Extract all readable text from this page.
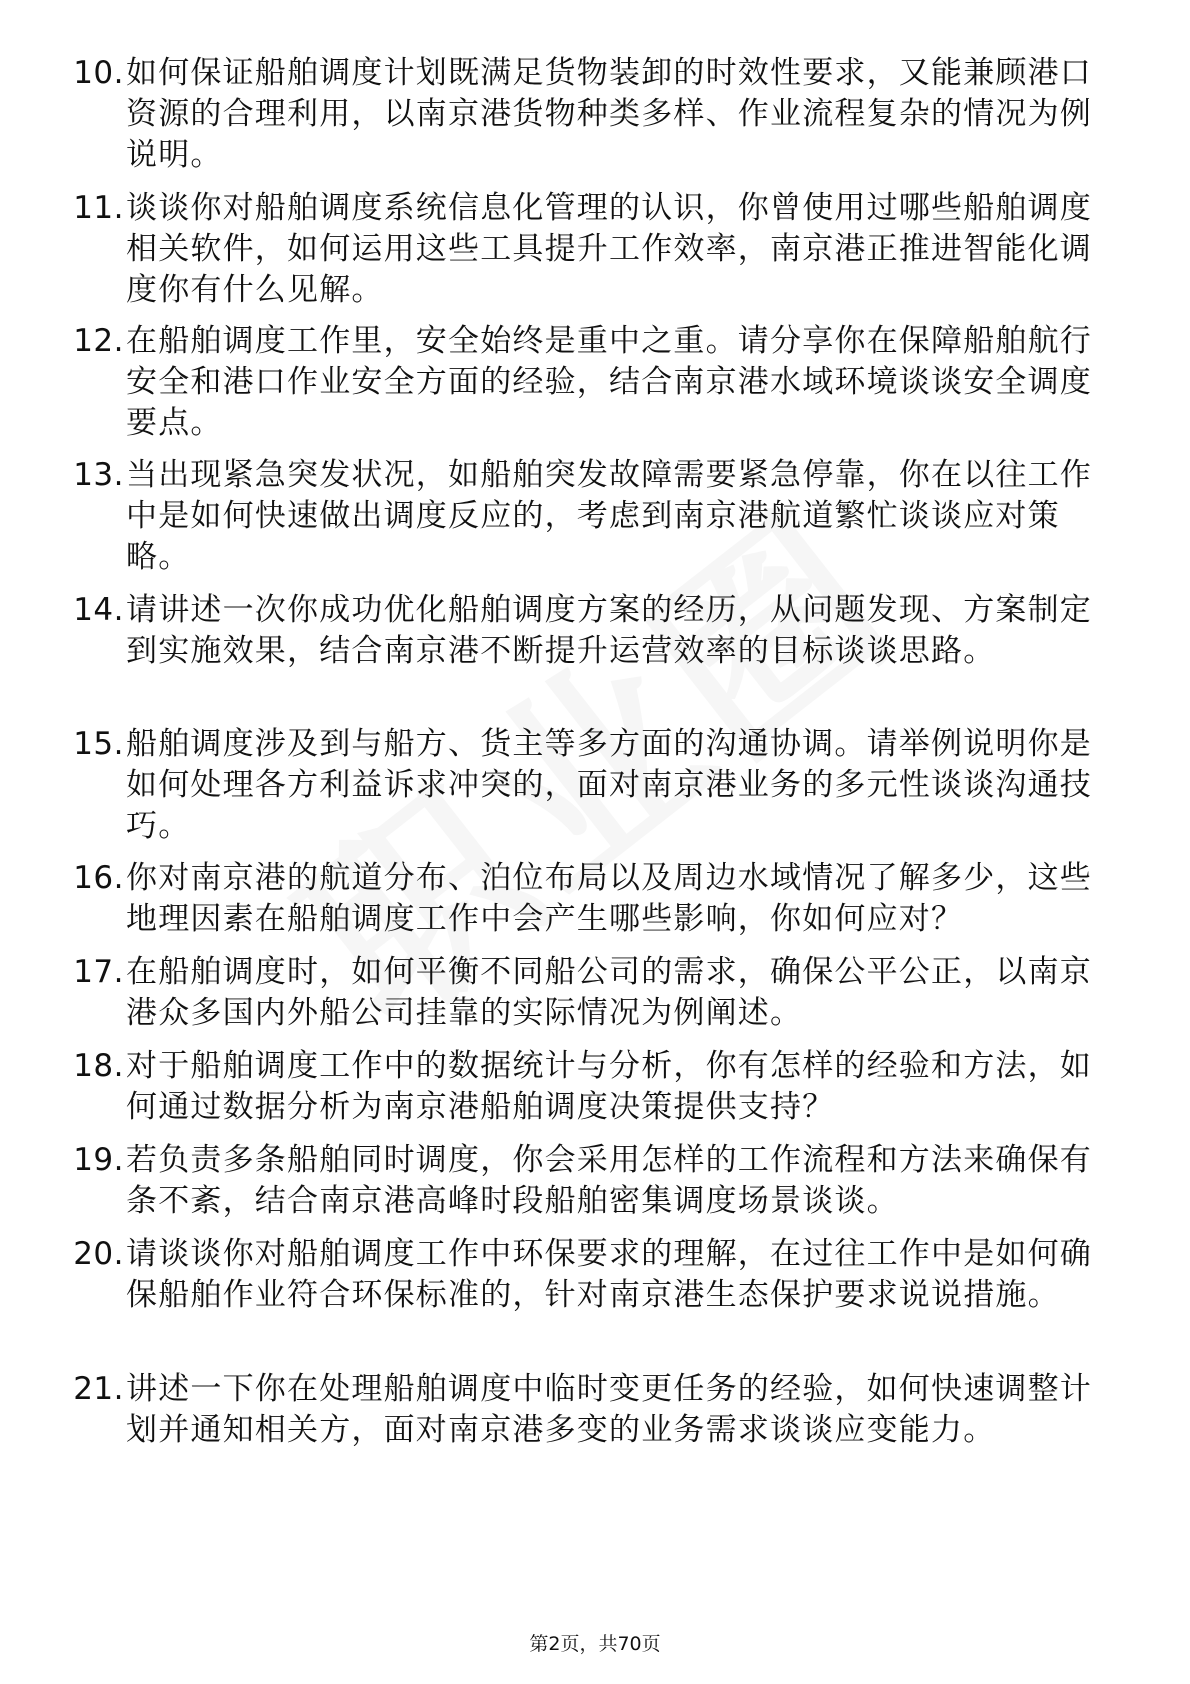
10. 如何保证船舶调度计划既满足货物装卸的时效性要求，又能兼顾港口资源的合理利用，以南京港货物种类多样、作业流程复杂的情况为例说明。
11. 谈谈你对船舶调度系统信息化管理的认识，你曾使用过哪些船舶调度相关软件，如何运用这些工具提升工作效率，南京港正推进智能化调度你有什么见解。
12. 在船舶调度工作里，安全始终是重中之重。请分享你在保障船舶航行安全和港口作业安全方面的经验，结合南京港水域环境谈谈安全调度要点。
13. 当出现紧急突发状况，如船舶突发故障需要紧急停靠，你在以往工作中是如何快速做出调度反应的，考虑到南京港航道繁忙谈谈应对策略。
14. 请讲述一次你成功优化船舶调度方案的经历，从问题发现、方案制定到实施效果，结合南京港不断提升运营效率的目标谈谈思路。
15. 船舶调度涉及到与船方、货主等多方面的沟通协调。请举例说明你是如何处理各方利益诉求冲突的，面对南京港业务的多元性谈谈沟通技巧。
16. 你对南京港的航道分布、泊位布局以及周边水域情况了解多少，这些地理因素在船舶调度工作中会产生哪些影响，你如何应对？
17. 在船舶调度时，如何平衡不同船公司的需求，确保公平公正，以南京港众多国内外船公司挂靠的实际情况为例阐述。
18. 对于船舶调度工作中的数据统计与分析，你有怎样的经验和方法，如何通过数据分析为南京港船舶调度决策提供支持？
19. 若负责多条船舶同时调度，你会采用怎样的工作流程和方法来确保有条不紊，结合南京港高峰时段船舶密集调度场景谈谈。
20. 请谈谈你对船舶调度工作中环保要求的理解，在过往工作中是如何确保船舶作业符合环保标准的，针对南京港生态保护要求说说措施。
21. 讲述一下你在处理船舶调度中临时变更任务的经验，如何快速调整计划并通知相关方，面对南京港多变的业务需求谈谈应变能力。
第2页，共70页
